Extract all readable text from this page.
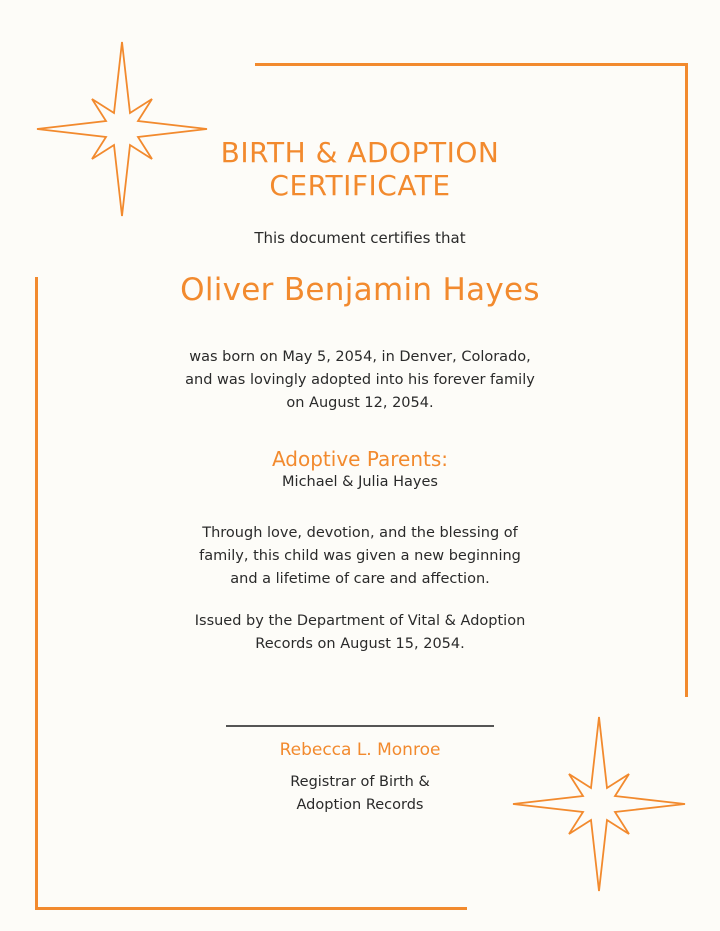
BIRTH & ADOPTION
CERTIFICATE
This document certifies that
Oliver Benjamin Hayes
was born on May 5, 2054, in Denver, Colorado,
and was lovingly adopted into his forever family
on August 12, 2054.
Adoptive Parents:
Michael & Julia Hayes
Through love, devotion, and the blessing of
family, this child was given a new beginning
and a lifetime of care and affection.
Issued by the Department of Vital & Adoption
Records on August 15, 2054.
Rebecca L. Monroe
Registrar of Birth &
Adoption Records
